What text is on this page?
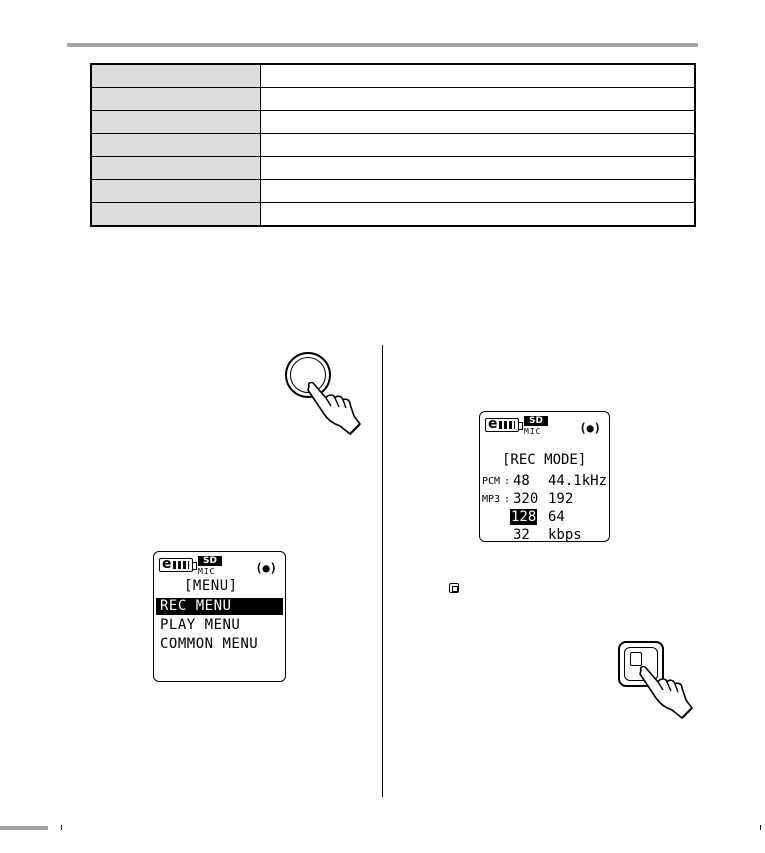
e	SD
MIC	(●)
[MENU]
REC MENU
PLAY MENU
COMMON MENU
e	SD
MIC	(●)
[REC MODE]
PCM : 48 44.1kHz
MP3 : 320 192
128 64
32 kbps
